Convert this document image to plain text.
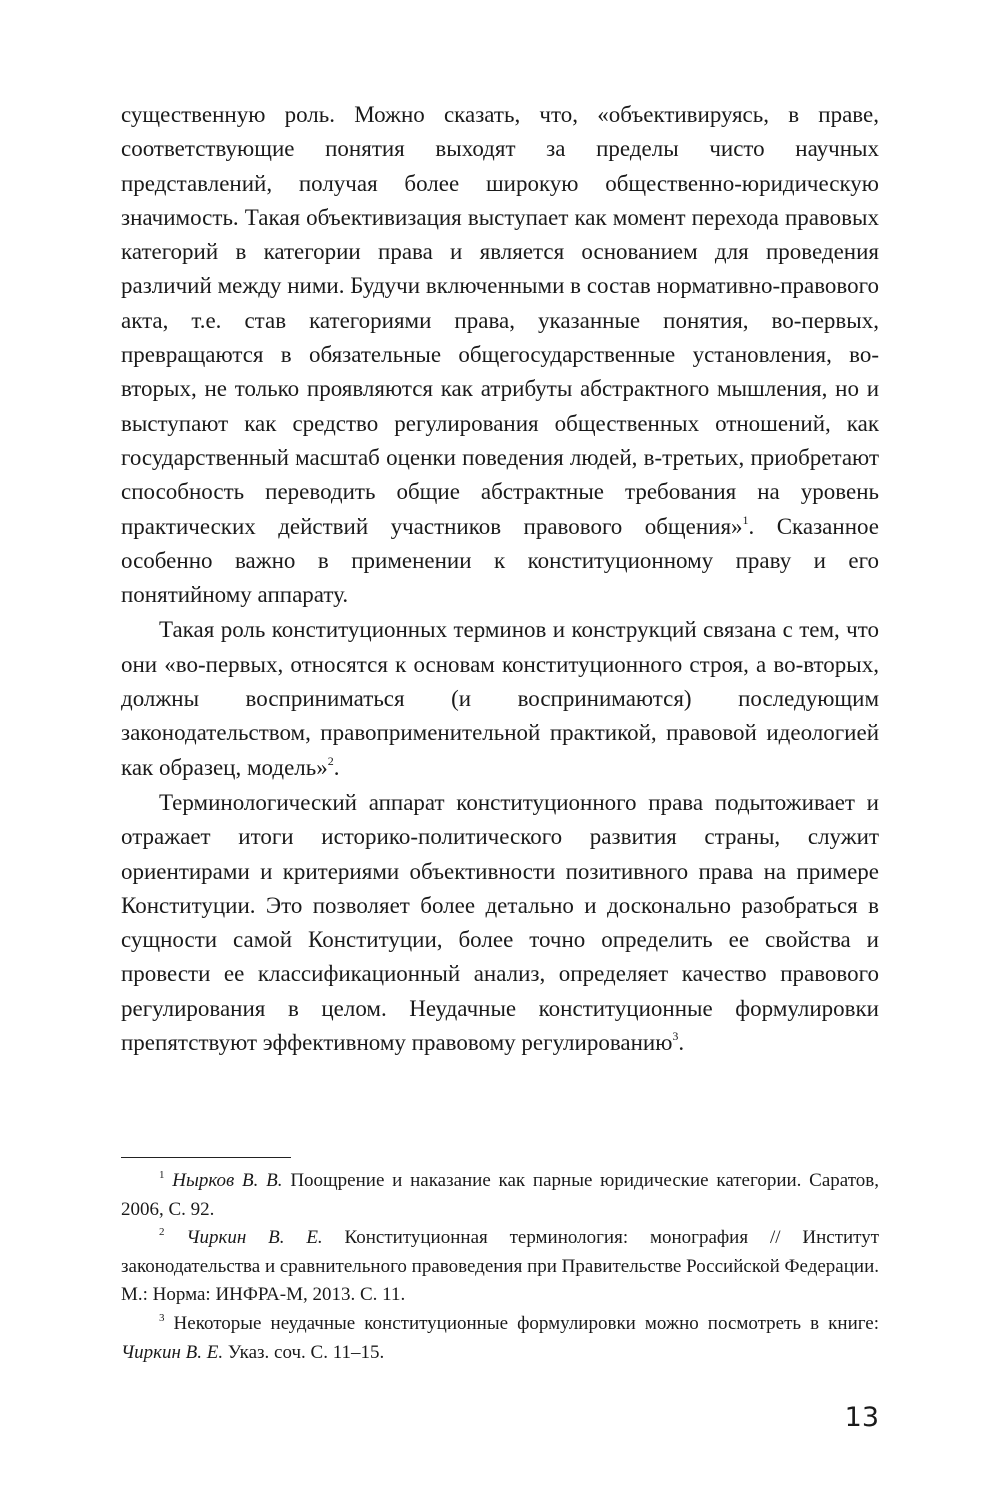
существенную роль. Можно сказать, что, «объективируясь, в праве, соответствующие понятия выходят за пределы чисто научных представлений, получая более широкую общественно-юридическую значимость. Такая объективизация выступает как момент перехода правовых категорий в категории права и является основанием для проведения различий между ними. Будучи включенными в состав нормативно-правового акта, т.е. став категориями права, указанные понятия, во-первых, превращаются в обязательные общегосударственные установления, во-вторых, не только проявляются как атрибуты абстрактного мышления, но и выступают как средство регулирования общественных отношений, как государственный масштаб оценки поведения людей, в-третьих, приобретают способность переводить общие абстрактные требования на уровень практических действий участников правового общения»$^1$. Сказанное особенно важно в применении к конституционному праву и его понятийному аппарату.

Такая роль конституционных терминов и конструкций связана с тем, что они «во-первых, относятся к основам конституционного строя, а во-вторых, должны восприниматься (и воспринимаются) последующим законодательством, правоприменительной практикой, правовой идеологией как образец, модель»$^2$.

Терминологический аппарат конституционного права подытоживает и отражает итоги историко-политического развития страны, служит ориентирами и критериями объективности позитивного права на примере Конституции. Это позволяет более детально и досконально разобраться в сущности самой Конституции, более точно определить ее свойства и провести ее классификационный анализ, определяет качество правового регулирования в целом. Неудачные конституционные формулировки препятствуют эффективному правовому регулированию$^3$.

$^1$ Нырков В. В. Поощрение и наказание как парные юридические категории. Саратов, 2006, С. 92.

$^2$ Чиркин В. Е. Конституционная терминология: монография // Институт законодательства и сравнительного правоведения при Правительстве Российской Федерации. М.: Норма: ИНФРА-М, 2013. С. 11.

$^3$ Некоторые неудачные конституционные формулировки можно посмотреть в книге: Чиркин В. Е. Указ. соч. С. 11–15.

13
